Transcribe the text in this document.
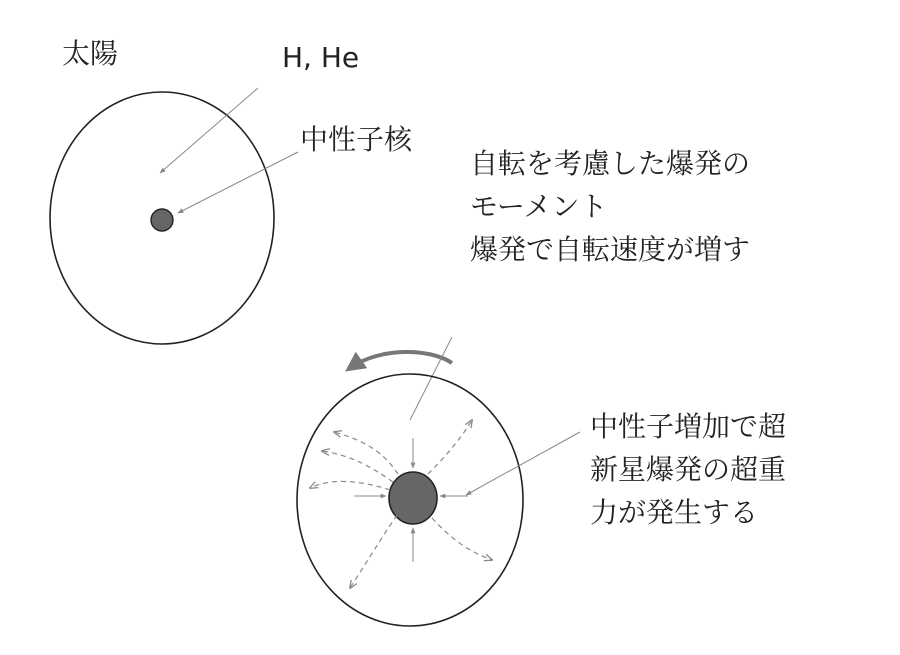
太陽	H, He
中性子核
自転を考慮した爆発の
モーメント
爆発で自転速度が増す
中性子増加で超
新星爆発の超重
力が発生する
